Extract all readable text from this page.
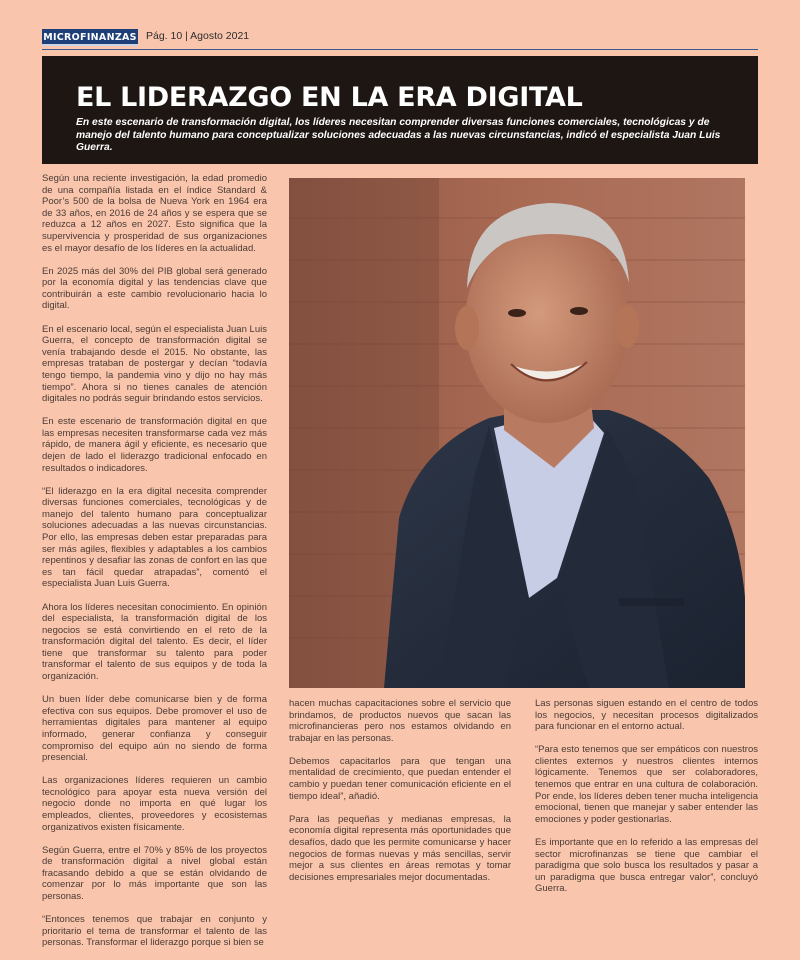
MICROFINANZAS Pág. 10 | Agosto 2021
EL LIDERAZGO EN LA ERA DIGITAL

En este escenario de transformación digital, los líderes necesitan comprender diversas funciones comerciales, tecnológicas y de manejo del talento humano para conceptualizar soluciones adecuadas a las nuevas circunstancias, indicó el especialista Juan Luis Guerra.

Según una reciente investigación, la edad promedio de una compañía listada en el índice Standard & Poor’s 500 de la bolsa de Nueva York en 1964 era de 33 años, en 2016 de 24 años y se espera que se reduzca a 12 años en 2027. Esto significa que la supervivencia y prosperidad de sus organizaciones es el mayor desafío de los líderes en la actualidad.

En 2025 más del 30% del PIB global será generado por la economía digital y las tendencias clave que contribuirán a este cambio revolucionario hacia lo digital.

En el escenario local, según el especialista Juan Luis Guerra, el concepto de transformación digital se venía trabajando desde el 2015. No obstante, las empresas trataban de postergar y decían “todavía tengo tiempo, la pandemia vino y dijo no hay más tiempo”. Ahora si no tienes canales de atención digitales no podrás seguir brindando estos servicios.

En este escenario de transformación digital en que las empresas necesiten transformarse cada vez más rápido, de manera ágil y eficiente, es necesario que dejen de lado el liderazgo tradicional enfocado en resultados o indicadores.

“El liderazgo en la era digital necesita comprender diversas funciones comerciales, tecnológicas y de manejo del talento humano para conceptualizar soluciones adecuadas a las nuevas circunstancias. Por ello, las empresas deben estar preparadas para ser más agiles, flexibles y adaptables a los cambios repentinos y desafiar las zonas de confort en las que es tan fácil quedar atrapadas”, comentó el especialista Juan Luis Guerra.

Ahora los líderes necesitan conocimiento. En opinión del especialista, la transformación digital de los negocios se está convirtiendo en el reto de la transformación digital del talento. Es decir, el líder tiene que transformar su talento para poder transformar el talento de sus equipos y de toda la organización.

Un buen líder debe comunicarse bien y de forma efectiva con sus equipos. Debe promover el uso de herramientas digitales para mantener al equipo informado, generar confianza y conseguir compromiso del equipo aún no siendo de forma presencial.

Las organizaciones líderes requieren un cambio tecnológico para apoyar esta nueva versión del negocio donde no importa en qué lugar los empleados, clientes, proveedores y ecosistemas organizativos existen físicamente.

Según Guerra, entre el 70% y 85% de los proyectos de transformación digital a nivel global están fracasando debido a que se están olvidando de comenzar por lo más importante que son las personas.

“Entonces tenemos que trabajar en conjunto y prioritario el tema de transformar el talento de las personas. Transformar el liderazgo porque si bien se

hacen muchas capacitaciones sobre el servicio que brindamos, de productos nuevos que sacan las microfinancieras pero nos estamos olvidando en trabajar en las personas.

Debemos capacitarlos para que tengan una mentalidad de crecimiento, que puedan entender el cambio y puedan tener comunicación eficiente en el tiempo ideal”, añadió.

Para las pequeñas y medianas empresas, la economía digital representa más oportunidades que desafíos, dado que les permite comunicarse y hacer negocios de formas nuevas y más sencillas, servir mejor a sus clientes en áreas remotas y tomar decisiones empresariales mejor documentadas.

Las personas siguen estando en el centro de todos los negocios, y necesitan procesos digitalizados para funcionar en el entorno actual.

“Para esto tenemos que ser empáticos con nuestros clientes externos y nuestros clientes internos lógicamente. Tenemos que ser colaboradores, tenemos que entrar en una cultura de colaboración. Por ende, los líderes deben tener mucha inteligencia emocional, tienen que manejar y saber entender las emociones y poder gestionarlas.

Es importante que en lo referido a las empresas del sector microfinanzas se tiene que cambiar el paradigma que solo busca los resultados y pasar a un paradigma que busca entregar valor”, concluyó Guerra.
